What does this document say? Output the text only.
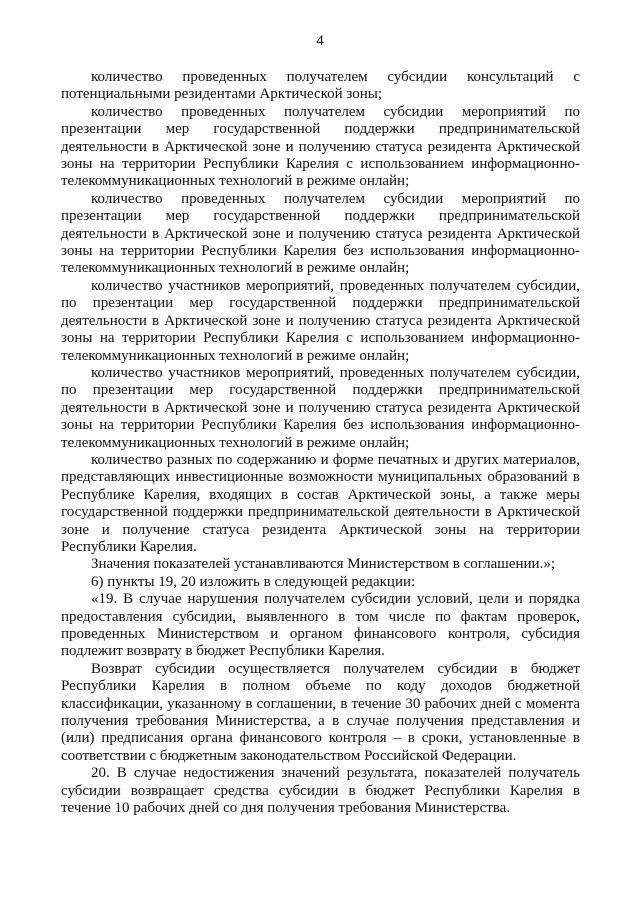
4

количество проведенных получателем субсидии консультаций с потенциальными резидентами Арктической зоны;

количество проведенных получателем субсидии мероприятий по презентации мер государственной поддержки предпринимательской деятельности в Арктической зоне и получению статуса резидента Арктической зоны на территории Республики Карелия с использованием информационно-телекоммуникационных технологий в режиме онлайн;

количество проведенных получателем субсидии мероприятий по презентации мер государственной поддержки предпринимательской деятельности в Арктической зоне и получению статуса резидента Арктической зоны на территории Республики Карелия без использования информационно-телекоммуникационных технологий в режиме онлайн;

количество участников мероприятий, проведенных получателем субсидии, по презентации мер государственной поддержки предпринимательской деятельности в Арктической зоне и получению статуса резидента Арктической зоны на территории Республики Карелия с использованием информационно-телекоммуникационных технологий в режиме онлайн;

количество участников мероприятий, проведенных получателем субсидии, по презентации мер государственной поддержки предпринимательской деятельности в Арктической зоне и получению статуса резидента Арктической зоны на территории Республики Карелия без использования информационно-телекоммуникационных технологий в режиме онлайн;

количество разных по содержанию и форме печатных и других материалов, представляющих инвестиционные возможности муниципальных образований в Республике Карелия, входящих в состав Арктической зоны, а также меры государственной поддержки предпринимательской деятельности в Арктической зоне и получение статуса резидента Арктической зоны на территории Республики Карелия.

Значения показателей устанавливаются Министерством в соглашении.»;

6) пункты 19, 20 изложить в следующей редакции:

«19. В случае нарушения получателем субсидии условий, цели и порядка предоставления субсидии, выявленного в том числе по фактам проверок, проведенных Министерством и органом финансового контроля, субсидия подлежит возврату в бюджет Республики Карелия.

Возврат субсидии осуществляется получателем субсидии в бюджет Республики Карелия в полном объеме по коду доходов бюджетной классификации, указанному в соглашении, в течение 30 рабочих дней с момента получения требования Министерства, а в случае получения представления и (или) предписания органа финансового контроля – в сроки, установленные в соответствии с бюджетным законодательством Российской Федерации.

20. В случае недостижения значений результата, показателей получатель субсидии возвращает средства субсидии в бюджет Республики Карелия в течение 10 рабочих дней со дня получения требования Министерства.
